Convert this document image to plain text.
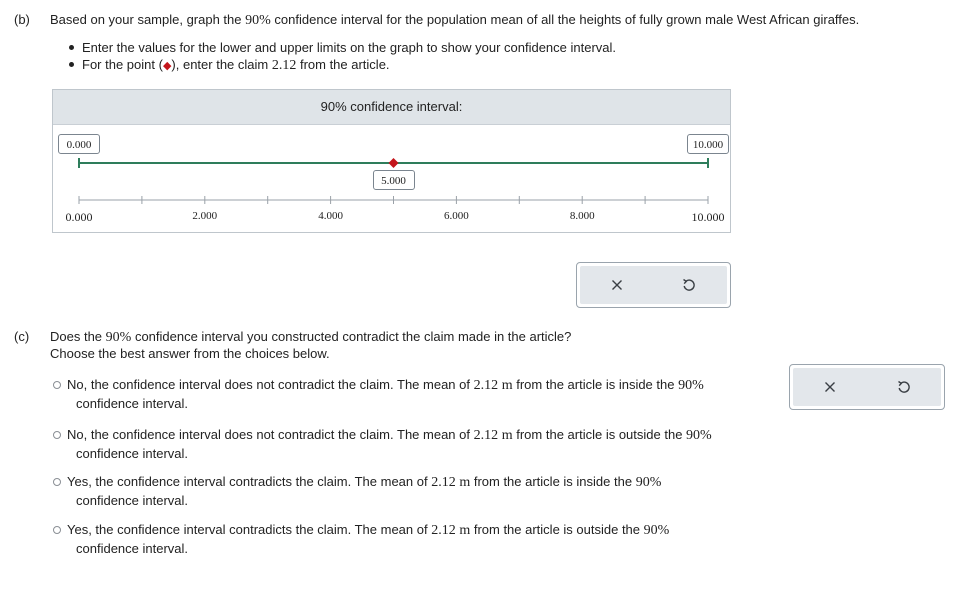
(b) Based on your sample, graph the 90% confidence interval for the population mean of all the heights of fully grown male West African giraffes.
Enter the values for the lower and upper limits on the graph to show your confidence interval.
For the point (◆), enter the claim 2.12 from the article.
90% confidence interval:
0.000	10.000
5.000
0.000	2.000	4.000	6.000	8.000	10.000
(c) Does the 90% confidence interval you constructed contradict the claim made in the article?
Choose the best answer from the choices below.
No, the confidence interval does not contradict the claim. The mean of 2.12 m from the article is inside the 90%
confidence interval.
No, the confidence interval does not contradict the claim. The mean of 2.12 m from the article is outside the 90%
confidence interval.
Yes, the confidence interval contradicts the claim. The mean of 2.12 m from the article is inside the 90%
confidence interval.
Yes, the confidence interval contradicts the claim. The mean of 2.12 m from the article is outside the 90%
confidence interval.
